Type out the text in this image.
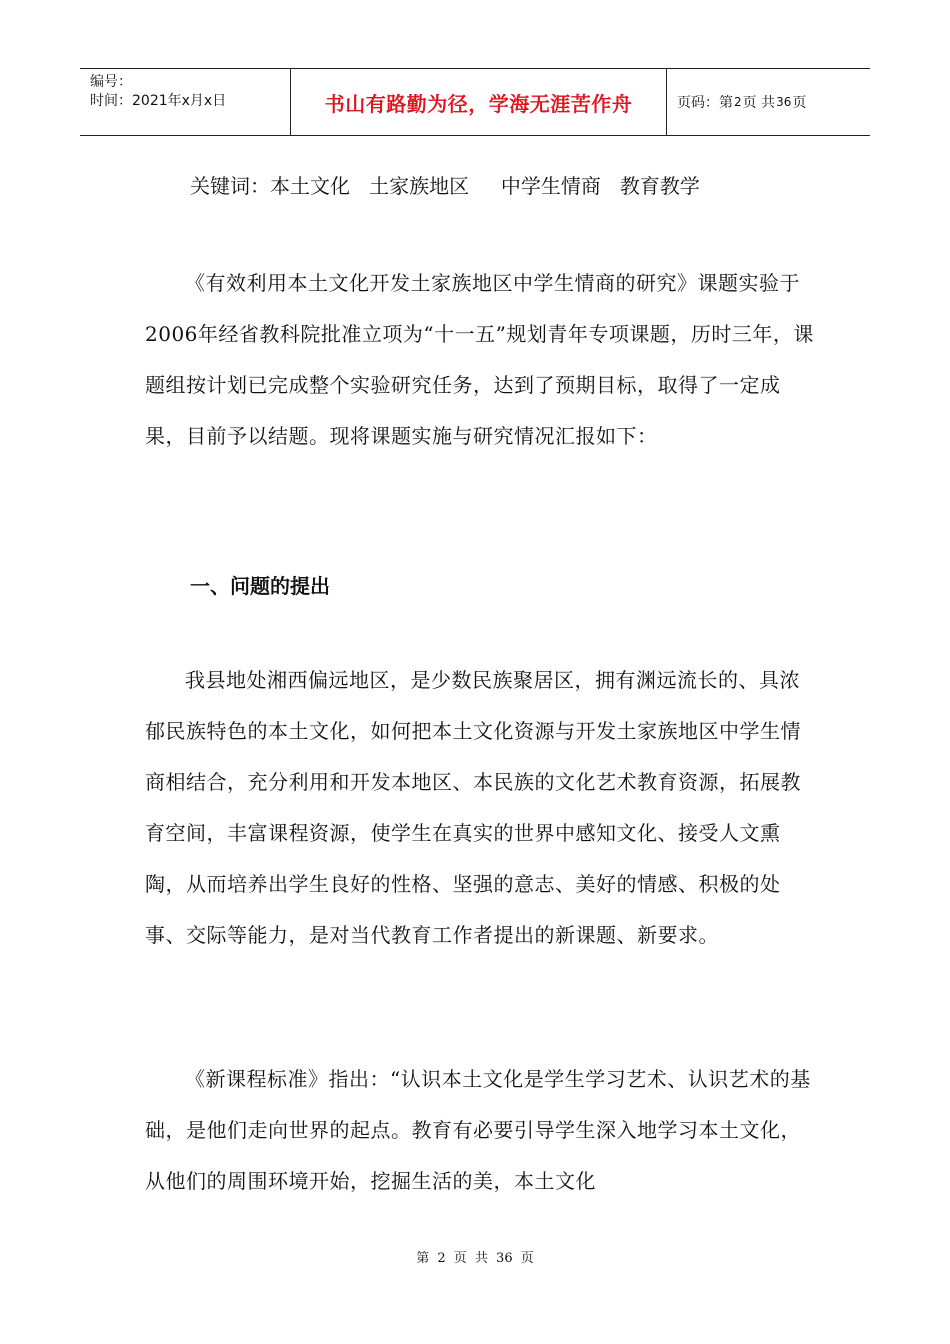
编号：
时间：2021年x月x日	书山有路勤为径，学海无涯苦作舟	页码：第 2 页 共 36 页
关键词：本土文化   土家族地区     中学生情商   教育教学

《有效利用本土文化开发土家族地区中学生情商的研究》课题实验于2006年经省教科院批准立项为“十一五”规划青年专项课题，历时三年，课题组按计划已完成整个实验研究任务，达到了预期目标，取得了一定成果，目前予以结题。现将课题实施与研究情况汇报如下：

一、问题的提出

我县地处湘西偏远地区，是少数民族聚居区，拥有渊远流长的、具浓郁民族特色的本土文化，如何把本土文化资源与开发土家族地区中学生情商相结合，充分利用和开发本地区、本民族的文化艺术教育资源，拓展教育空间，丰富课程资源，使学生在真实的世界中感知文化、接受人文熏陶，从而培养出学生良好的性格、坚强的意志、美好的情感、积极的处事、交际等能力，是对当代教育工作者提出的新课题、新要求。

《新课程标准》指出：“认识本土文化是学生学习艺术、认识艺术的基础，是他们走向世界的起点。教育有必要引导学生深入地学习本土文化，从他们的周围环境开始，挖掘生活的美，本土文化

第 2 页 共 36 页
